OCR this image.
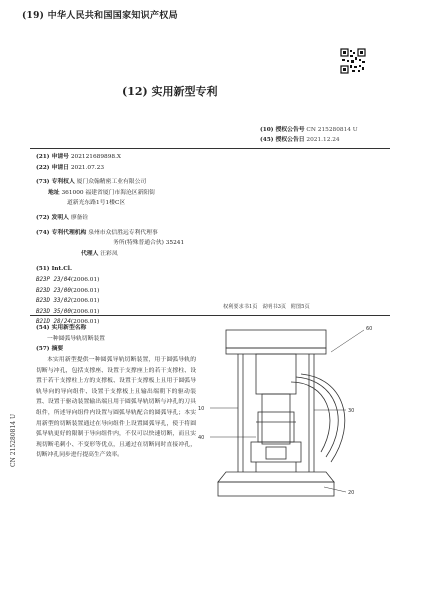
(19) 中华人民共和国国家知识产权局
(12) 实用新型专利
(10) 授权公告号 CN 215280814 U
(45) 授权公告日 2021.12.24
(21) 申请号 202121689898.X
(22) 申请日 2021.07.23
(73) 专利权人 厦门众翰精密工业有限公司
地址 361000 福建省厦门市海沧区新阳街
道新光东路1号1楼C区
(72) 发明人 廖备铨
(74) 专利代理机构 泉州市众信胜远专利代理事
务所(特殊普通合伙) 35241
代理人 汪彩凤
(51) Int.Cl.
B23P 23/04(2006.01)
B23D 23/00(2006.01)
B23D 33/02(2006.01)
B23D 35/00(2006.01)
B21D 28/24(2006.01)
权利要求书1页 说明书3页 附图5页
(54) 实用新型名称
一种圆弧导轨切断装置
(57) 摘要
本实用新型提供一种圆弧导轨切断装置，用于圆弧导轨的切断与冲孔，包括支撑座、设置于支撑座上的若干支撑柱、设置于若干支撑柱上方的支撑板、设置于支撑板上且用于圆弧导轨导向的导向组件、设置于支撑板上且输出端朝下的驱动装置、设置于驱动装置输出端且用于圆弧导轨切断与冲孔的刀具组件，所述导向组件内设置与圆弧导轨配合的圆弧导孔；本实用新型的切断装置通过在导向组件上设置圆弧导孔，使于将圆弧导轨更好的限制于导向组件内，不仅可以快速切断，而且实现切断毛刺小、不变形等优点，且通过在切断同时直接冲孔，切断冲孔同步进行提高生产效率。
CN 215280814 U
60
10	30
40
20
